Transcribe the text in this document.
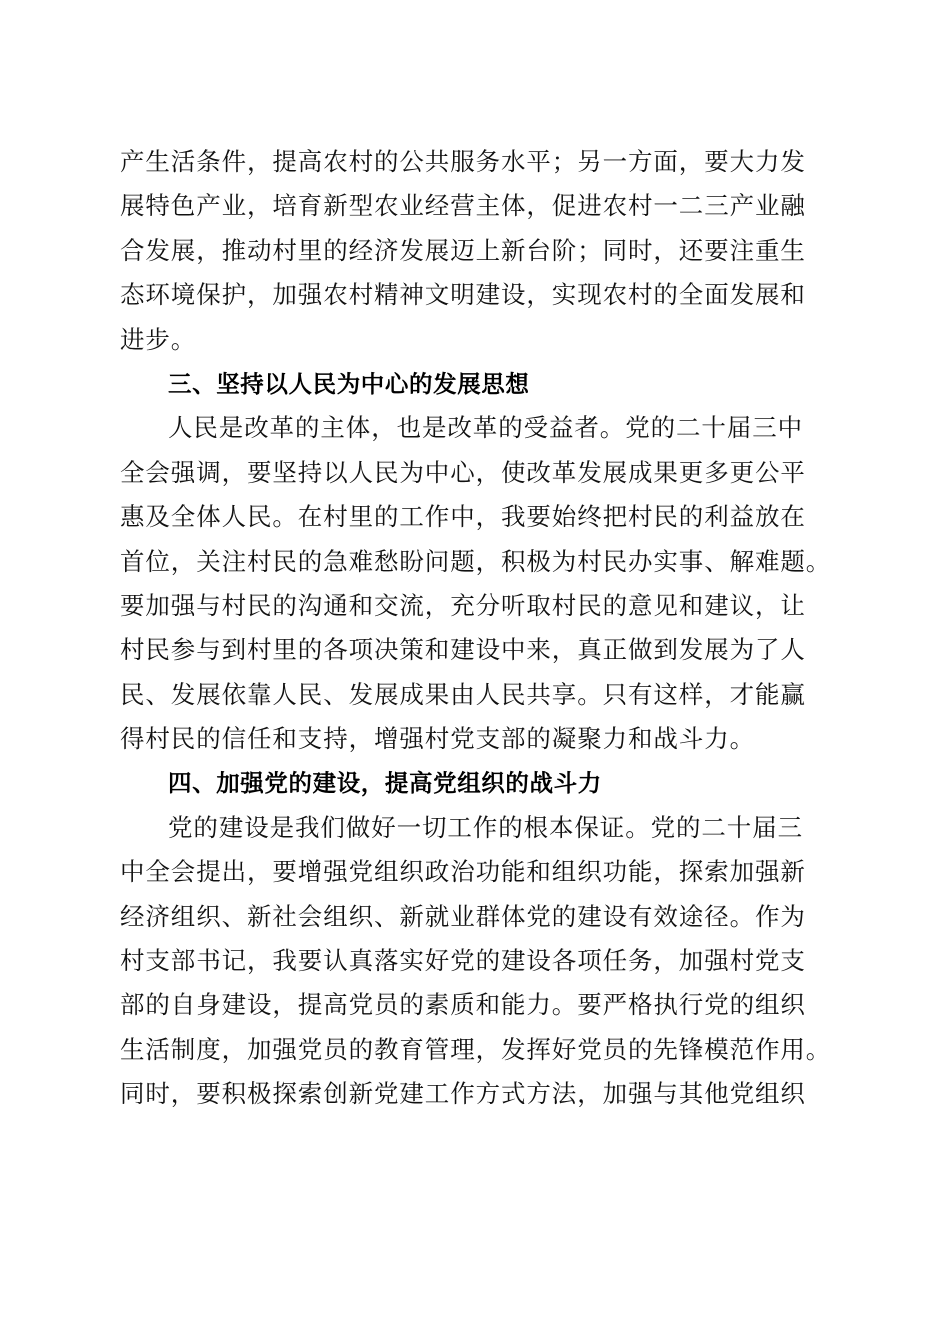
产生活条件，提高农村的公共服务水平；另一方面，要大力发
展特色产业，培育新型农业经营主体，促进农村一二三产业融
合发展，推动村里的经济发展迈上新台阶；同时，还要注重生
态环境保护，加强农村精神文明建设，实现农村的全面发展和
进步。
三、坚持以人民为中心的发展思想
人民是改革的主体，也是改革的受益者。党的二十届三中
全会强调，要坚持以人民为中心，使改革发展成果更多更公平
惠及全体人民。在村里的工作中，我要始终把村民的利益放在
首位，关注村民的急难愁盼问题，积极为村民办实事、解难题。
要加强与村民的沟通和交流，充分听取村民的意见和建议，让
村民参与到村里的各项决策和建设中来，真正做到发展为了人
民、发展依靠人民、发展成果由人民共享。只有这样，才能赢
得村民的信任和支持，增强村党支部的凝聚力和战斗力。
四、加强党的建设，提高党组织的战斗力
党的建设是我们做好一切工作的根本保证。党的二十届三
中全会提出，要增强党组织政治功能和组织功能，探索加强新
经济组织、新社会组织、新就业群体党的建设有效途径。作为
村支部书记，我要认真落实好党的建设各项任务，加强村党支
部的自身建设，提高党员的素质和能力。要严格执行党的组织
生活制度，加强党员的教育管理，发挥好党员的先锋模范作用。
同时，要积极探索创新党建工作方式方法，加强与其他党组织
